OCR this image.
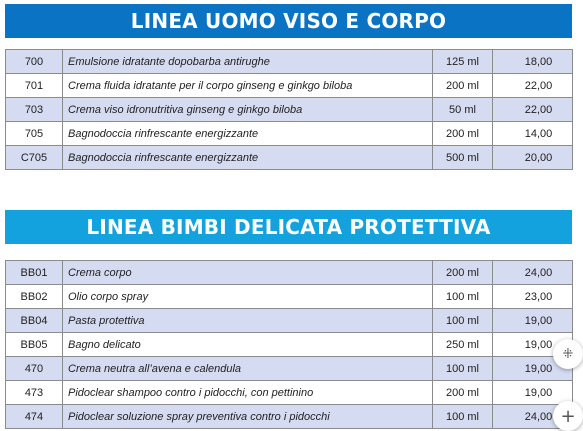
LINEA UOMO VISO E CORPO
700	Emulsione idratante dopobarba antirughe	125 ml	18,00
701	Crema fluida idratante per il corpo ginseng e ginkgo biloba	200 ml	22,00
703	Crema viso idronutritiva ginseng e ginkgo biloba	50 ml	22,00
705	Bagnodoccia rinfrescante energizzante	200 ml	14,00
C705	Bagnodoccia rinfrescante energizzante	500 ml	20,00
LINEA BIMBI DELICATA PROTETTIVA
BB01	Crema corpo	200 ml	24,00
BB02	Olio corpo spray	100 ml	23,00
BB04	Pasta protettiva	100 ml	19,00
BB05	Bagno delicato	250 ml	19,00
470	Crema neutra all’avena e calendula	100 ml	19,00
473	Pidoclear shampoo contro i pidocchi, con pettinino	200 ml	19,00
474	Pidoclear soluzione spray preventiva contro i pidocchi	100 ml	24,00
⁜
+
